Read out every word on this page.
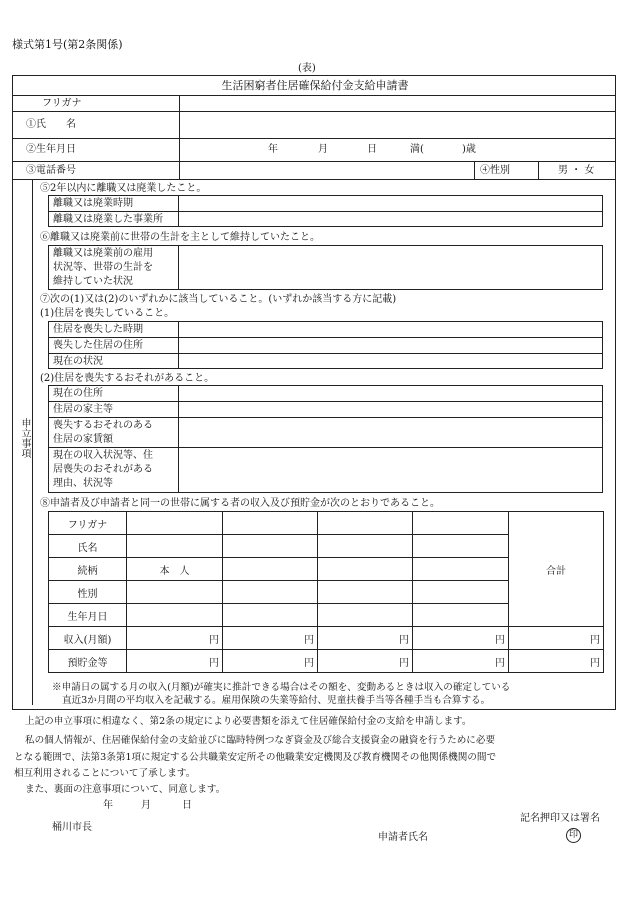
様式第1号(第2条関係)
(表)
生活困窮者住居確保給付金支給申請書
フリガナ
①氏　　名
②生年月日	年	月	日	満(	)歳
③電話番号	④性別	男 ・ 女
申立事項
⑤2年以内に離職又は廃業したこと。
離職又は廃業時期
離職又は廃業した事業所
⑥離職又は廃業前に世帯の生計を主として維持していたこと。
離職又は廃業前の雇用
状況等、世帯の生計を
維持していた状況
⑦次の(1)又は(2)のいずれかに該当していること。(いずれか該当する方に記載)
(1)住居を喪失していること。
住居を喪失した時期
喪失した住居の住所
現在の状況
(2)住居を喪失するおそれがあること。
現在の住所
住居の家主等
喪失するおそれのある
住居の家賃額
現在の収入状況等、住
居喪失のおそれがある
理由、状況等
⑧申請者及び申請者と同一の世帯に属する者の収入及び預貯金が次のとおりであること。
フリガナ					合計
氏名					
続柄	本　人				
性別					
生年月日					
収入(月額)	円	円	円	円	円
預貯金等	円	円	円	円	円
※申請日の属する月の収入(月額)が確実に推計できる場合はその額を、変動あるときは収入の確定している
直近3か月間の平均収入を記載する。雇用保険の失業等給付、児童扶養手当等各種手当も合算する。
上記の申立事項に相違なく、第2条の規定により必要書類を添えて住居確保給付金の支給を申請します。
私の個人情報が、住居確保給付金の支給並びに臨時特例つなぎ資金及び総合支援資金の融資を行うために必要
となる範囲で、法第3条第1項に規定する公共職業安定所その他職業安定機関及び教育機関その他関係機関の間で
相互利用されることについて了承します。
また、裏面の注意事項について、同意します。
年	月	日
記名押印又は署名
桶川市長
申請者氏名	印
